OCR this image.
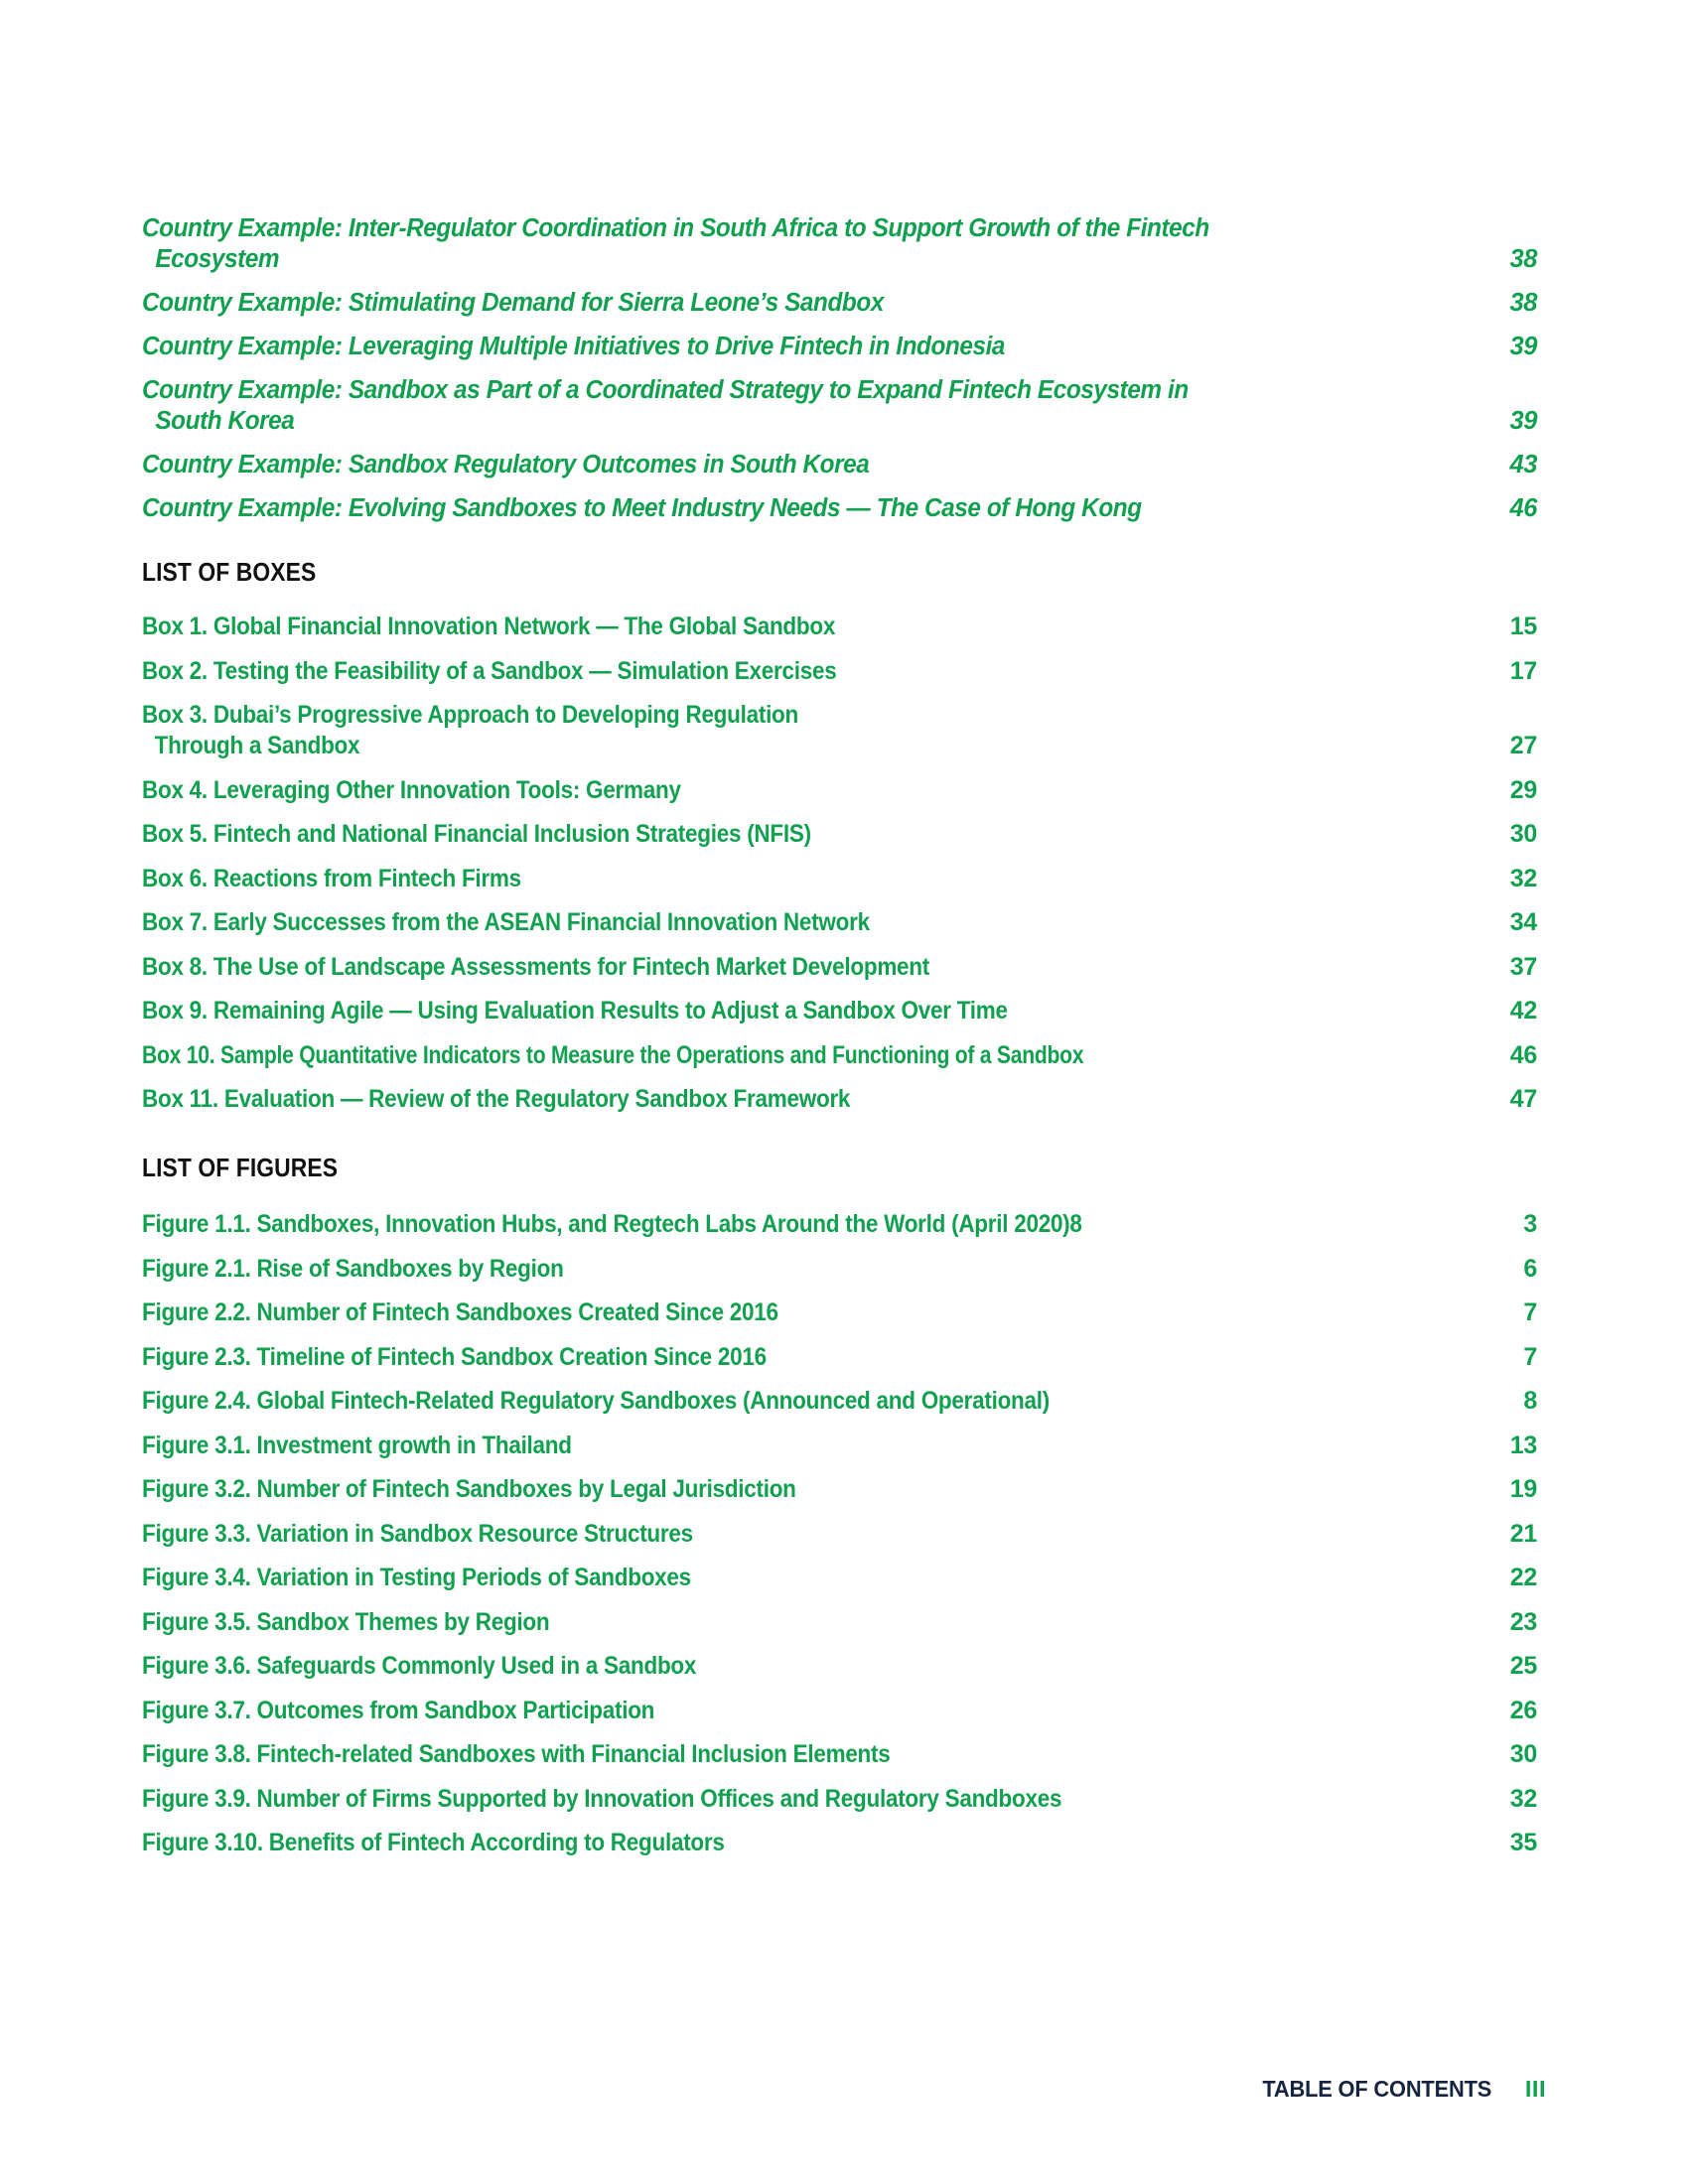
Country Example: Inter-Regulator Coordination in South Africa to Support Growth of the Fintech
Ecosystem	38
Country Example: Stimulating Demand for Sierra Leone’s Sandbox	38
Country Example: Leveraging Multiple Initiatives to Drive Fintech in Indonesia	39
Country Example: Sandbox as Part of a Coordinated Strategy to Expand Fintech Ecosystem in
South Korea	39
Country Example: Sandbox Regulatory Outcomes in South Korea	43
Country Example: Evolving Sandboxes to Meet Industry Needs — The Case of Hong Kong	46
LIST OF BOXES
Box 1. Global Financial Innovation Network — The Global Sandbox	15
Box 2. Testing the Feasibility of a Sandbox — Simulation Exercises	17
Box 3. Dubai’s Progressive Approach to Developing Regulation
Through a Sandbox	27
Box 4. Leveraging Other Innovation Tools: Germany	29
Box 5. Fintech and National Financial Inclusion Strategies (NFIS)	30
Box 6. Reactions from Fintech Firms	32
Box 7. Early Successes from the ASEAN Financial Innovation Network	34
Box 8. The Use of Landscape Assessments for Fintech Market Development	37
Box 9. Remaining Agile — Using Evaluation Results to Adjust a Sandbox Over Time	42
Box 10. Sample Quantitative Indicators to Measure the Operations and Functioning of a Sandbox	46
Box 11. Evaluation — Review of the Regulatory Sandbox Framework	47
LIST OF FIGURES
Figure 1.1. Sandboxes, Innovation Hubs, and Regtech Labs Around the World (April 2020)8	3
Figure 2.1. Rise of Sandboxes by Region	6
Figure 2.2. Number of Fintech Sandboxes Created Since 2016	7
Figure 2.3. Timeline of Fintech Sandbox Creation Since 2016	7
Figure 2.4. Global Fintech-Related Regulatory Sandboxes (Announced and Operational)	8
Figure 3.1. Investment growth in Thailand	13
Figure 3.2. Number of Fintech Sandboxes by Legal Jurisdiction	19
Figure 3.3. Variation in Sandbox Resource Structures	21
Figure 3.4. Variation in Testing Periods of Sandboxes	22
Figure 3.5. Sandbox Themes by Region	23
Figure 3.6. Safeguards Commonly Used in a Sandbox	25
Figure 3.7. Outcomes from Sandbox Participation	26
Figure 3.8. Fintech-related Sandboxes with Financial Inclusion Elements	30
Figure 3.9. Number of Firms Supported by Innovation Offices and Regulatory Sandboxes	32
Figure 3.10. Benefits of Fintech According to Regulators	35
TABLE OF CONTENTS III
